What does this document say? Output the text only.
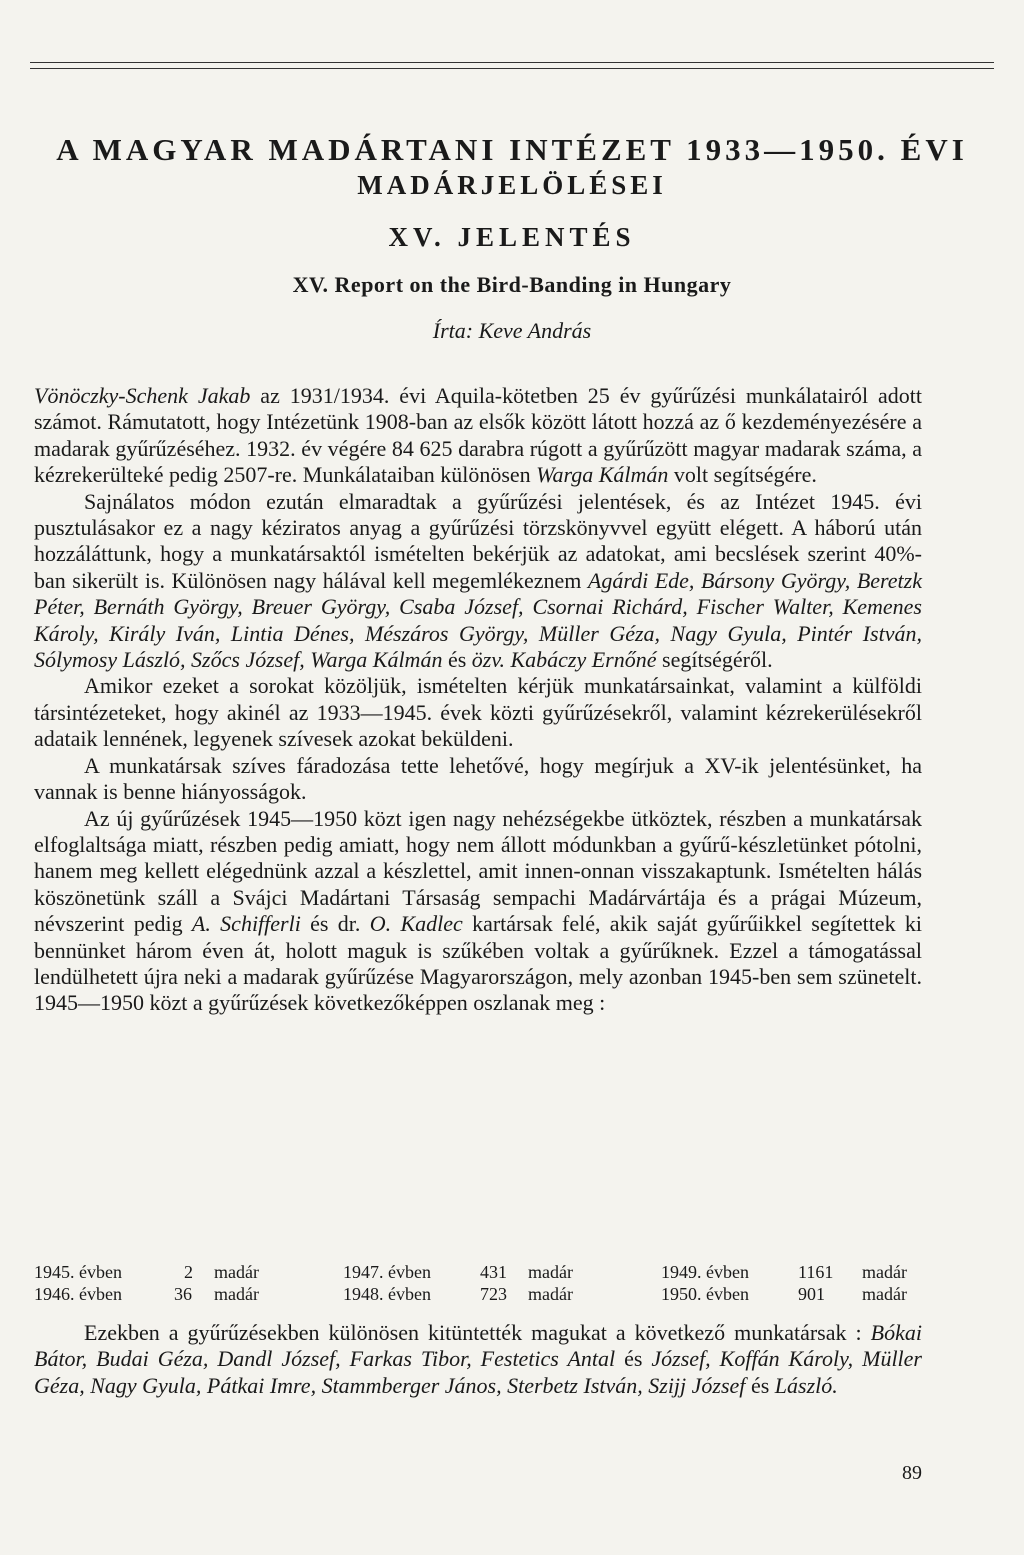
A MAGYAR MADÁRTANI INTÉZET 1933—1950. ÉVI
MADÁRJELÖLÉSEI
XV. JELENTÉS
XV. Report on the Bird-Banding in Hungary
Írta: Keve András

Vönöczky-Schenk Jakab az 1931/1934. évi Aquila-kötetben 25 év gyűrűzési munkálatairól adott számot. Rámutatott, hogy Intézetünk 1908-ban az elsők között látott hozzá az ő kezdeményezésére a madarak gyűrűzéséhez. 1932. év végére 84 625 darabra rúgott a gyűrűzött magyar madarak száma, a kézrekerülteké pedig 2507-re. Munkálataiban különösen Warga Kálmán volt segítségére.

Sajnálatos módon ezután elmaradtak a gyűrűzési jelentések, és az Intézet 1945. évi pusztulásakor ez a nagy kéziratos anyag a gyűrűzési törzskönyvvel együtt elégett. A háború után hozzáláttunk, hogy a munkatársaktól ismételten bekérjük az adatokat, ami becslések szerint 40%-ban sikerült is. Különösen nagy hálával kell megemlékeznem Agárdi Ede, Bársony György, Beretzk Péter, Bernáth György, Breuer György, Csaba József, Csornai Richárd, Fischer Walter, Kemenes Károly, Király Iván, Lintia Dénes, Mészáros György, Müller Géza, Nagy Gyula, Pintér István, Sólymosy László, Szőcs József, Warga Kálmán és özv. Kabáczy Ernőné segítségéről.

Amikor ezeket a sorokat közöljük, ismételten kérjük munkatársainkat, valamint a külföldi társintézeteket, hogy akinél az 1933—1945. évek közti gyűrűzésekről, valamint kézrekerülésekről adataik lennének, legyenek szívesek azokat beküldeni.

A munkatársak szíves fáradozása tette lehetővé, hogy megírjuk a XV-ik jelentésünket, ha vannak is benne hiányosságok.

Az új gyűrűzések 1945—1950 közt igen nagy nehézségekbe ütköztek, részben a munkatársak elfoglaltsága miatt, részben pedig amiatt, hogy nem állott módunkban a gyűrű-készletünket pótolni, hanem meg kellett elégednünk azzal a készlettel, amit innen-onnan visszakaptunk. Ismételten hálás köszönetünk száll a Svájci Madártani Társaság sempachi Madárvártája és a prágai Múzeum, névszerint pedig A. Schifferli és dr. O. Kadlec kartársak felé, akik saját gyűrűikkel segítettek ki bennünket három éven át, holott maguk is szűkében voltak a gyűrűknek. Ezzel a támogatással lendülhetett újra neki a madarak gyűrűzése Magyarországon, mely azonban 1945-ben sem szünetelt. 1945—1950 közt a gyűrűzések következőképpen oszlanak meg :

1945. évben	2 madár	1947. évben	431 madár	1949. évben	1161 madár
1946. évben	36 madár	1948. évben	723 madár	1950. évben	901 madár

Ezekben a gyűrűzésekben különösen kitüntették magukat a következő munkatársak : Bókai Bátor, Budai Géza, Dandl József, Farkas Tibor, Festetics Antal és József, Koffán Károly, Müller Géza, Nagy Gyula, Pátkai Imre, Stammberger János, Sterbetz István, Szijj József és László.

89
